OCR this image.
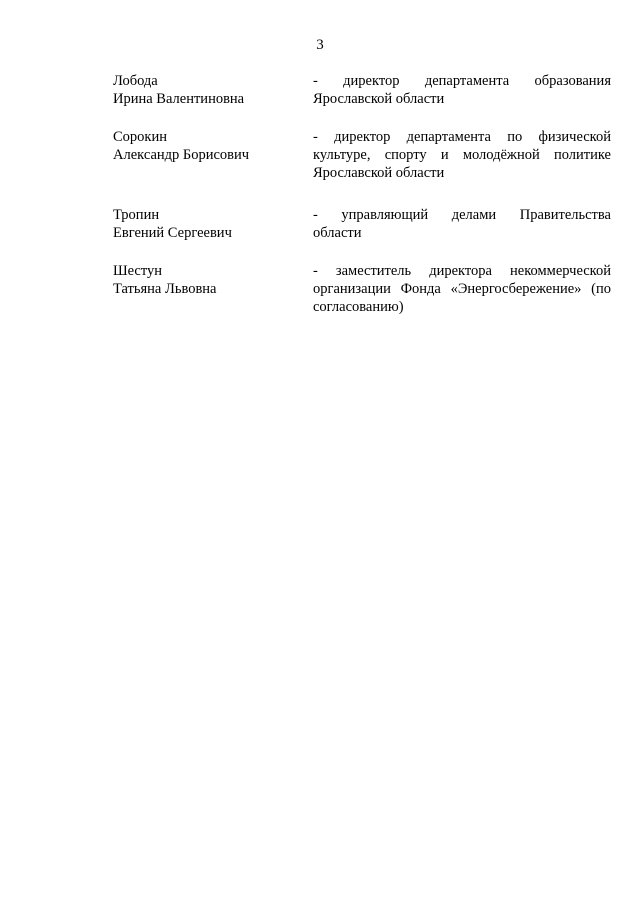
3
Лобода
Ирина Валентиновна
- директор департамента образования
Ярославской области
Сорокин
Александр Борисович
- директор департамента по физической
культуре, спорту и молодёжной политике
Ярославской области
Тропин
Евгений Сергеевич
- управляющий делами Правительства
области
Шестун
Татьяна Львовна
- заместитель директора некоммерческой
организации Фонда «Энергосбережение» (по
согласованию)
